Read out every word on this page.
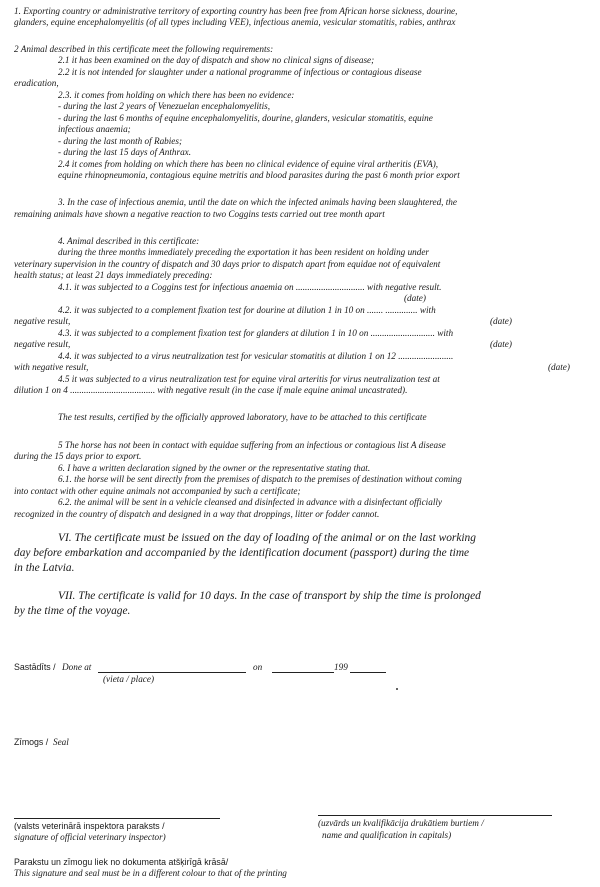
1. Exporting country or administrative territory of exporting country has been free from African horse sickness, dourine,
glanders, equine encephalomyelitis (of all types including VEE), infectious anemia, vesicular stomatitis, rabies, anthrax
2 Animal described in this certificate meet the following requirements:
2.1 it has been examined on the day of dispatch and show no clinical signs of disease;
2.2 it is not intended for slaughter under a national programme of infectious or contagious disease
eradication,
2.3. it comes from holding on which there has been no evidence:
- during the last 2 years of Venezuelan encephalomyelitis,
- during the last 6 months of equine encephalomyelitis, dourine, glanders, vesicular stomatitis, equine
infectious anaemia;
- during the last month of Rabies;
- during the last 15 days of Anthrax.
2.4 it comes from holding on which there has been no clinical evidence of equine viral artheritis (EVA),
equine rhinopneumonia, contagious equine metritis and blood parasites during the past 6 month prior export
3. In the case of infectious anemia, until the date on which the infected animals having been slaughtered, the
remaining animals have shown a negative reaction to two Coggins tests carried out tree month apart
4. Animal described in this certificate:
during the three months immediately preceding the exportation it has been resident on holding under
veterinary supervision in the country of dispatch and 30 days prior to dispatch apart from equidae not of equivalent
health status; at least 21 days immediately preceding:
4.1. it was subjected to a Coggins test for infectious anaemia on .............................. with negative result.
(date)
4.2. it was subjected to a complement fixation test for dourine at dilution 1 in 10 on ....... .............. with
negative result,	(date)
4.3. it was subjected to a complement fixation test for glanders at dilution 1 in 10 on ............................ with
negative result,	(date)
4.4. it was subjected to a virus neutralization test for vesicular stomatitis at dilution 1 on 12 ........................
with negative result,	(date)
4.5 it was subjected to a virus neutralization test for equine viral arteritis for virus neutralization test at
dilution 1 on 4 ..................................... with negative result (in the case if male equine animal uncastrated).
The test results, certified by the officially approved laboratory, have to be attached to this certificate
5 The horse has not been in contact with equidae suffering from an infectious or contagious list A disease
during the 15 days prior to export.
6. I have a written declaration signed by the owner or the representative stating that.
6.1. the horse will be sent directly from the premises of dispatch to the premises of destination without coming
into contact with other equine animals not accompanied by such a certificate;
6.2. the animal will be sent in a vehicle cleansed and disinfected in advance with a disinfectant officially
recognized in the country of dispatch and designed in a way that droppings, litter or fodder cannot.
VI. The certificate must be issued on the day of loading of the animal or on the last working
day before embarkation and accompanied by the identification document (passport) during the time
in the Latvia.
VII. The certificate is valid for 10 days. In the case of transport by ship the time is prolonged
by the time of the voyage.
Sastādīts / Done at	on	199
(vieta / place)
Zīmogs / Seal
(valsts veterinārā inspektora paraksts /
signature of official veterinary inspector)
(uzvārds un kvalifikācija drukātiem burtiem /
name and qualification in capitals)
Parakstu un zīmogu liek no dokumenta atšķirīgā krāsā/
This signature and seal must be in a different colour to that of the printing
